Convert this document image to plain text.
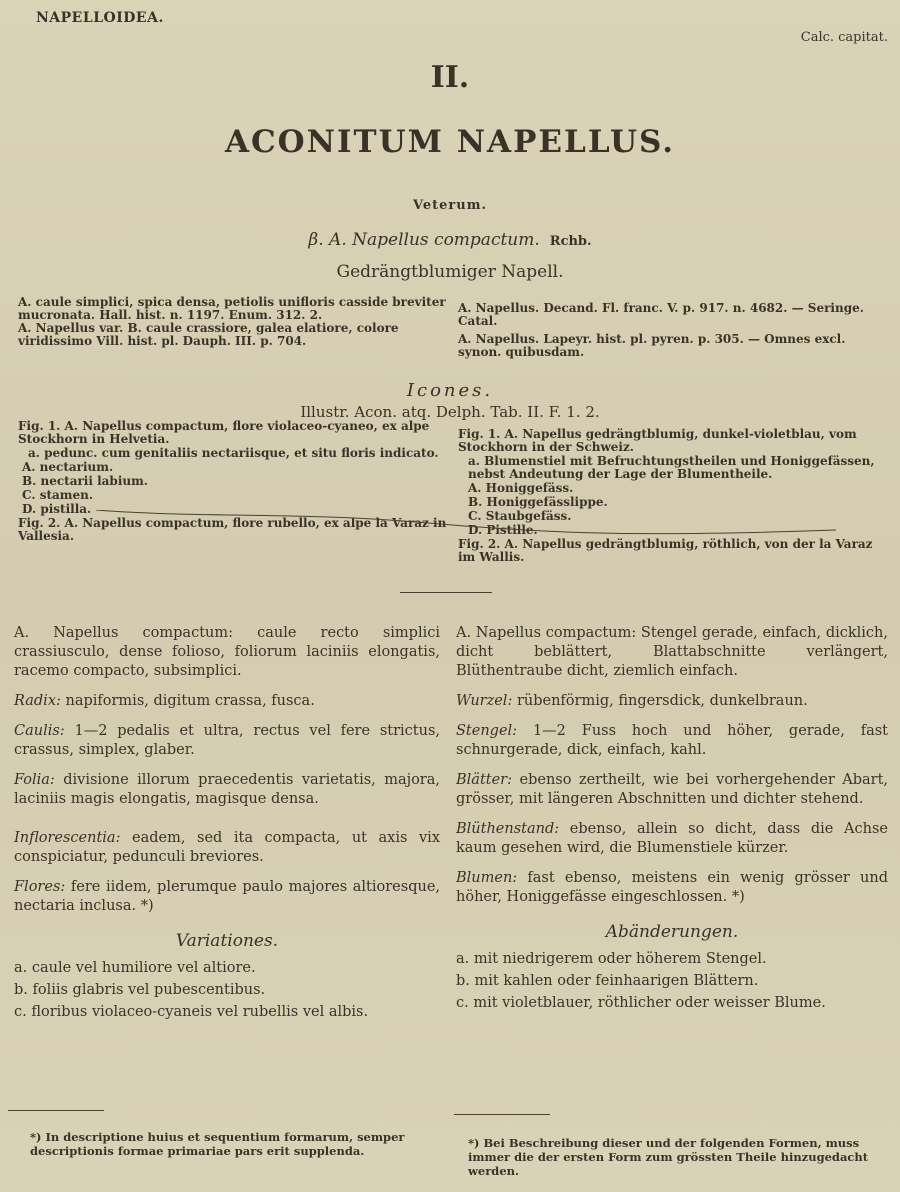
NAPELLOIDEA.
Calc. capitat.
II.
ACONITUM NAPELLUS.
Veterum.
β. A. Napellus compactum. Rchb.
Gedrängtblumiger Napell.
A. caule simplici, spica densa, petiolis unifloris casside breviter mucronata. Hall. hist. n. 1197. Enum. 312. 2.
A. Napellus var. B. caule crassiore, galea elatiore, colore viridissimo Vill. hist. pl. Dauph. III. p. 704.
A. Napellus. Decand. Fl. franc. V. p. 917. n. 4682. — Seringe. Catal.
A. Napellus. Lapeyr. hist. pl. pyren. p. 305. — Omnes excl. synon. quibusdam.
Icones.
Illustr. Acon. atq. Delph. Tab. II. F. 1. 2.
Fig. 1. A. Napellus compactum, flore violaceo-cyaneo, ex alpe Stockhorn in Helvetia.
a. pedunc. cum genitaliis nectariisque, et situ floris indicato.
A. nectarium.
B. nectarii labium.
C. stamen.
D. pistilla.
Fig. 2. A. Napellus compactum, flore rubello, ex alpe la Varaz in Vallesia.
Fig. 1. A. Napellus gedrängtblumig, dunkel-violetblau, vom Stockhorn in der Schweiz.
a. Blumenstiel mit Befruchtungstheilen und Honiggefässen, nebst Andeutung der Lage der Blumentheile.
A. Honiggefäss.
B. Honiggefässlippe.
C. Staubgefäss.
D. Pistille.
Fig. 2. A. Napellus gedrängtblumig, röthlich, von der la Varaz im Wallis.
A. Napellus compactum: caule recto simplici crassiusculo, dense folioso, foliorum laciniis elongatis, racemo compacto, subsimplici.
Radix: napiformis, digitum crassa, fusca.
Caulis: 1—2 pedalis et ultra, rectus vel fere strictus, crassus, simplex, glaber.
Folia: divisione illorum praecedentis varietatis, majora, laciniis magis elongatis, magisque densa.
Inflorescentia: eadem, sed ita compacta, ut axis vix conspiciatur, pedunculi breviores.
Flores: fere iidem, plerumque paulo majores altioresque, nectaria inclusa. *)
Variationes.
a. caule vel humiliore vel altiore.
b. foliis glabris vel pubescentibus.
c. floribus violaceo-cyaneis vel rubellis vel albis.
A. Napellus compactum: Stengel gerade, einfach, dicklich, dicht beblättert, Blattabschnitte verlängert, Blüthentraube dicht, ziemlich einfach.
Wurzel: rübenförmig, fingersdick, dunkelbraun.
Stengel: 1—2 Fuss hoch und höher, gerade, fast schnurgerade, dick, einfach, kahl.
Blätter: ebenso zertheilt, wie bei vorhergehender Abart, grösser, mit längeren Abschnitten und dichter stehend.
Blüthenstand: ebenso, allein so dicht, dass die Achse kaum gesehen wird, die Blumenstiele kürzer.
Blumen: fast ebenso, meistens ein wenig grösser und höher, Honiggefässe eingeschlossen. *)
Abänderungen.
a. mit niedrigerem oder höherem Stengel.
b. mit kahlen oder feinhaarigen Blättern.
c. mit violetblauer, röthlicher oder weisser Blume.
*) In descriptione huius et sequentium formarum, semper descriptionis formae primariae pars erit supplenda.
*) Bei Beschreibung dieser und der folgenden Formen, muss immer die der ersten Form zum grössten Theile hinzugedacht werden.
